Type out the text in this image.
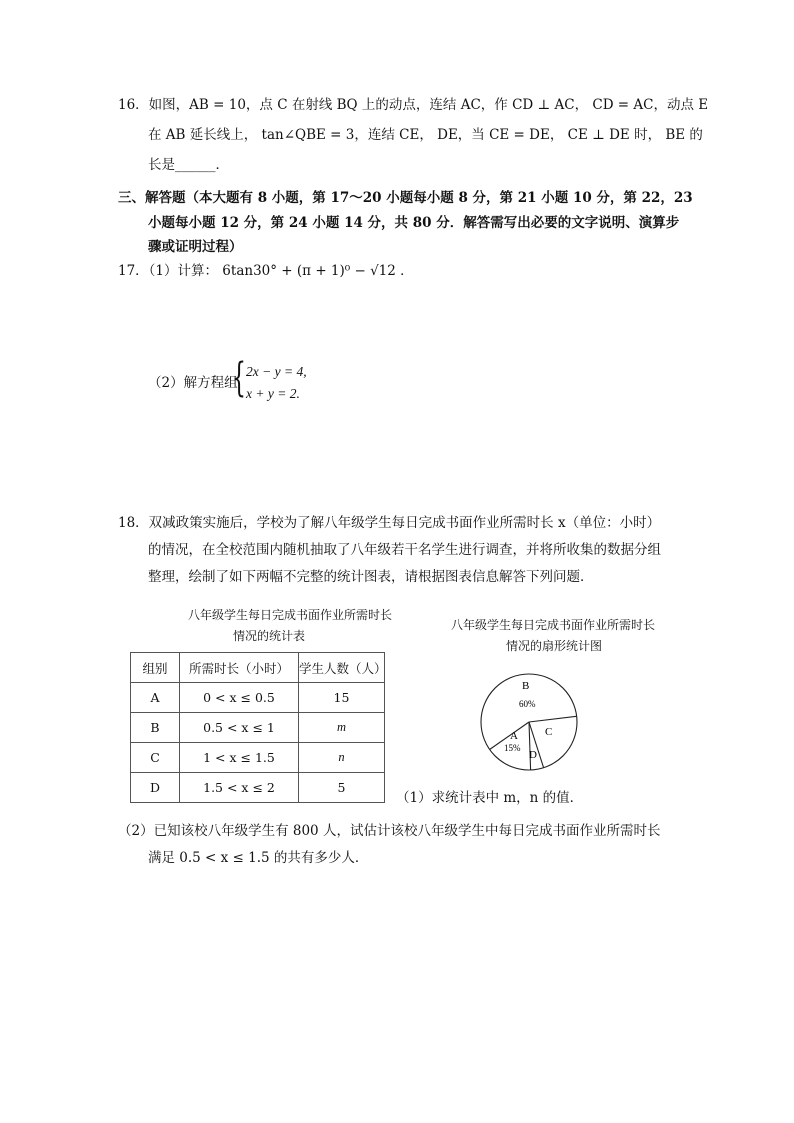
16．如图，AB = 10，点 C 在射线 BQ 上的动点，连结 AC，作 CD ⊥ AC， CD = AC，动点 E
在 AB 延长线上， tan∠QBE = 3，连结 CE， DE，当 CE = DE， CE ⊥ DE 时， BE 的
长是______．
三、解答题（本大题有 8 小题，第 17～20 小题每小题 8 分，第 21 小题 10 分，第 22，23
小题每小题 12 分，第 24 小题 14 分，共 80 分．解答需写出必要的文字说明、演算步
骤或证明过程）
17．（1）计算： 6tan30° + (π + 1)⁰ − √12 ．
（2）解方程组
{ 2x − y = 4,
x + y = 2.
18．双减政策实施后，学校为了解八年级学生每日完成书面作业所需时长 x（单位：小时）
的情况，在全校范围内随机抽取了八年级若干名学生进行调查，并将所收集的数据分组
整理，绘制了如下两幅不完整的统计图表，请根据图表信息解答下列问题．
八年级学生每日完成书面作业所需时长
情况的统计表
组别	所需时长（小时）	学生人数（人）
A	0 < x ≤ 0.5	15
B	0.5 < x ≤ 1	m
C	1 < x ≤ 1.5	n
D	1.5 < x ≤ 2	5
八年级学生每日完成书面作业所需时长
情况的扇形统计图
B
60%
C
D
A
15%
（1）求统计表中 m，n 的值．
（2）已知该校八年级学生有 800 人，试估计该校八年级学生中每日完成书面作业所需时长
满足 0.5 < x ≤ 1.5 的共有多少人．
